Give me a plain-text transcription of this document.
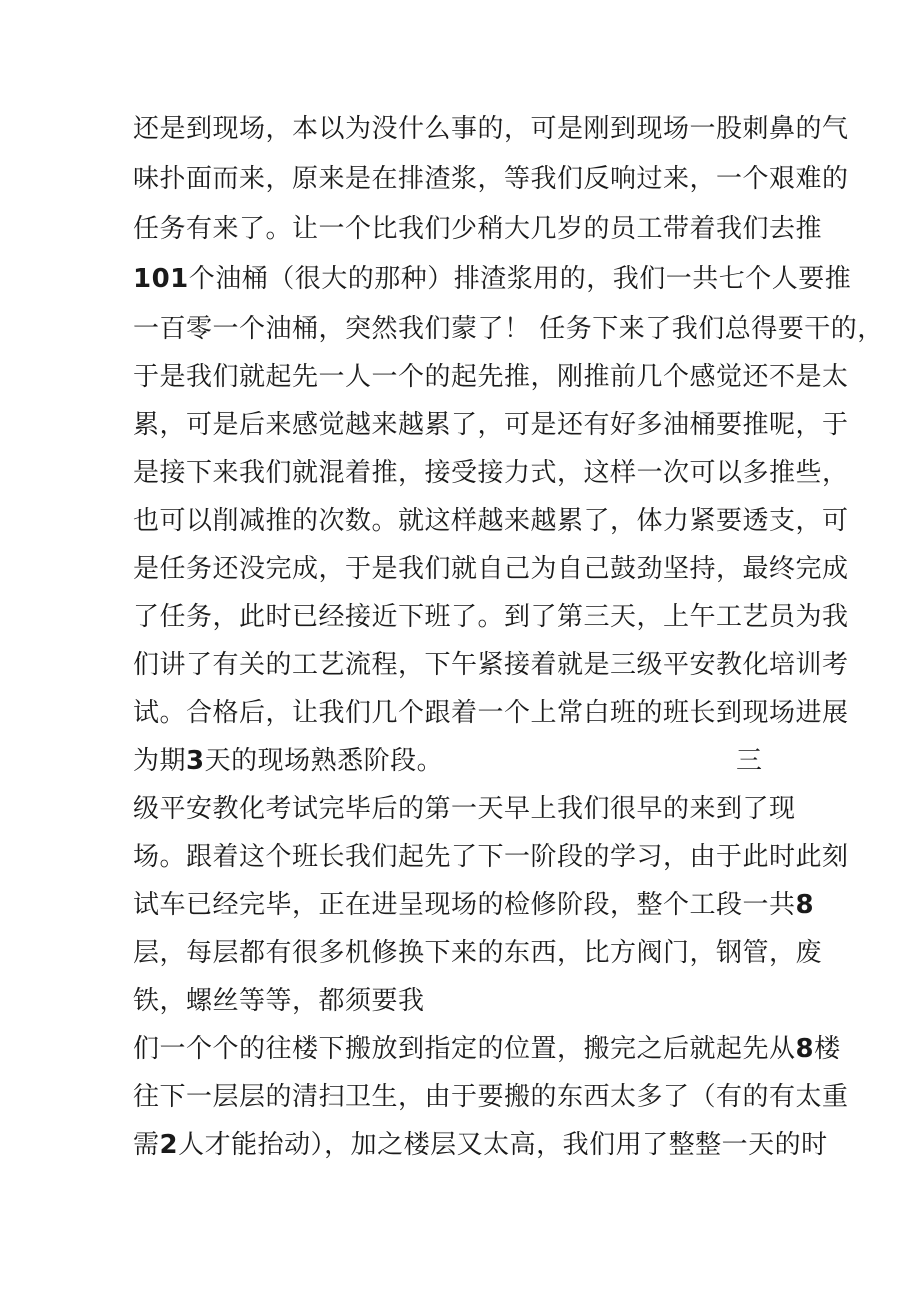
还是到现场，本以为没什么事的，可是刚到现场一股刺鼻的气
味扑面而来，原来是在排渣浆，等我们反响过来，一个艰难的
任务有来了。让一个比我们少稍大几岁的员工带着我们去推
101个油桶（很大的那种）排渣浆用的，我们一共七个人要推
一百零一个油桶，突然我们蒙了！ 任务下来了我们总得要干的，
于是我们就起先一人一个的起先推，刚推前几个感觉还不是太
累，可是后来感觉越来越累了，可是还有好多油桶要推呢，于
是接下来我们就混着推，接受接力式，这样一次可以多推些，
也可以削减推的次数。就这样越来越累了，体力紧要透支，可
是任务还没完成，于是我们就自己为自己鼓劲坚持，最终完成
了任务，此时已经接近下班了。到了第三天，上午工艺员为我
们讲了有关的工艺流程，下午紧接着就是三级平安教化培训考
试。合格后，让我们几个跟着一个上常白班的班长到现场进展
为期3天的现场熟悉阶段。	三
级平安教化考试完毕后的第一天早上我们很早的来到了现
场。跟着这个班长我们起先了下一阶段的学习，由于此时此刻
试车已经完毕，正在进呈现场的检修阶段，整个工段一共8
层，每层都有很多机修换下来的东西，比方阀门，钢管，废
铁，螺丝等等，都须要我
们一个个的往楼下搬放到指定的位置，搬完之后就起先从8楼
往下一层层的清扫卫生，由于要搬的东西太多了（有的有太重
需2人才能抬动），加之楼层又太高，我们用了整整一天的时
